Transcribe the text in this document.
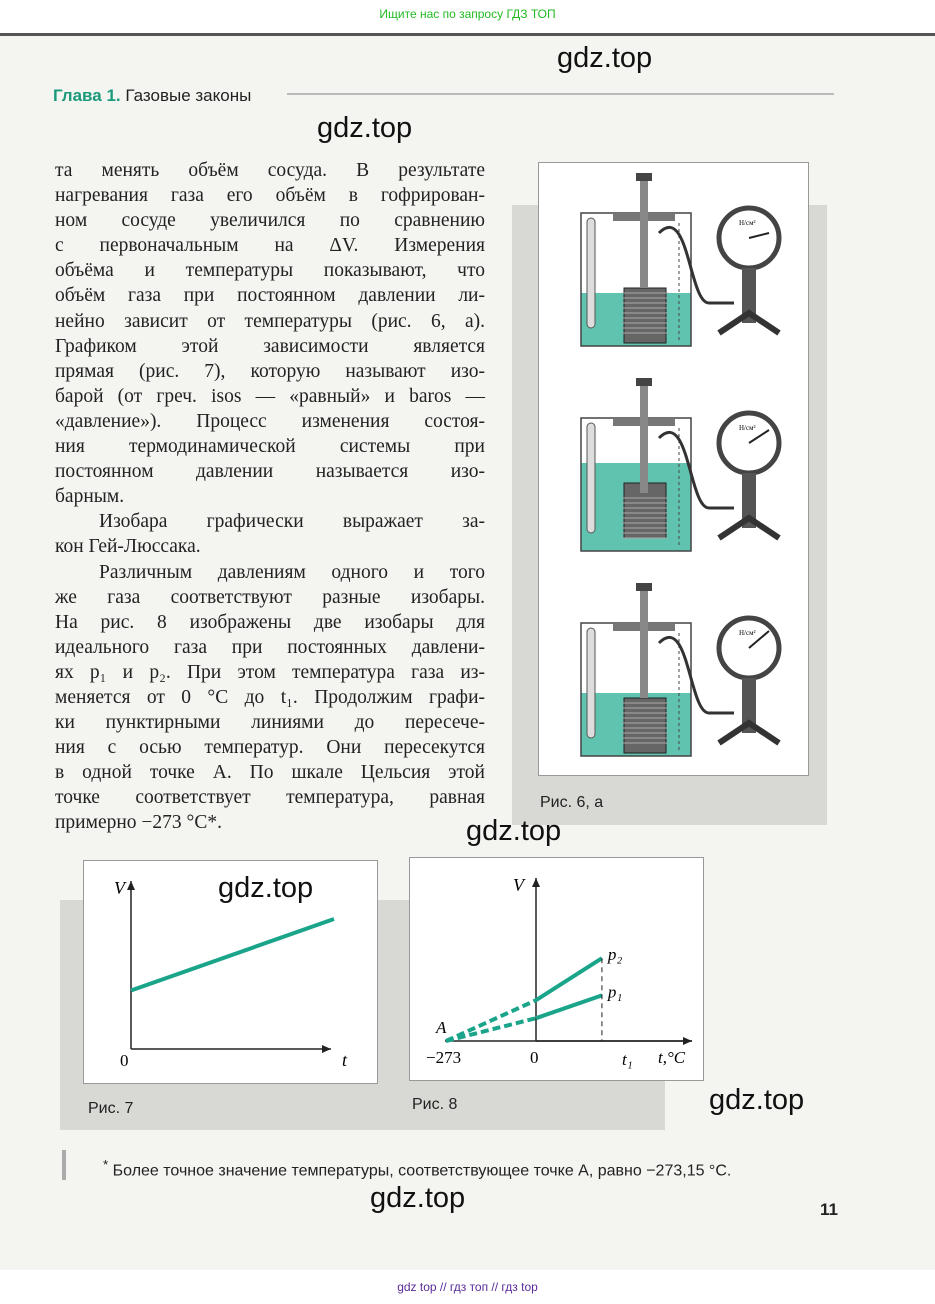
Ищите нас по запросу ГДЗ ТОП
Глава 1. Газовые законы
та менять объём сосуда. В результате
нагревания газа его объём в гофрирован-
ном сосуде увеличился по сравнению
с первоначальным на ΔV. Измерения
объёма и температуры показывают, что
объём газа при постоянном давлении ли-
нейно зависит от температуры (рис. 6, а).
Графиком этой зависимости является
прямая (рис. 7), которую называют изо-
барой (от греч. isos — «равный» и baros —
«давление»). Процесс изменения состоя-
ния термодинамической системы при
постоянном давлении называется изо-
барным.
Изобара графически выражает за-
кон Гей-Люссака.
Различным давлениям одного и того
же газа соответствуют разные изобары.
На рис. 8 изображены две изобары для
идеального газа при постоянных давлени-
ях p₁ и p₂. При этом температура газа из-
меняется от 0 °C до t₁. Продолжим графи-
ки пунктирными линиями до пересече-
ния с осью температур. Они пересекутся
в одной точке A. По шкале Цельсия этой
точке соответствует температура, равная
примерно −273 °C*.
Н/см²
Н/см²
Н/см²
Рис. 6, а
V
t
0
Рис. 7
V
t,°C
−273	0	t₁
A
p₂
p₁
Рис. 8
* Более точное значение температуры, соответствующее точке A, равно −273,15 °C.
11
gdz.top
gdz.top
gdz.top
gdz.top
gdz.top
gdz.top
gdz top // гдз топ // гдз top
